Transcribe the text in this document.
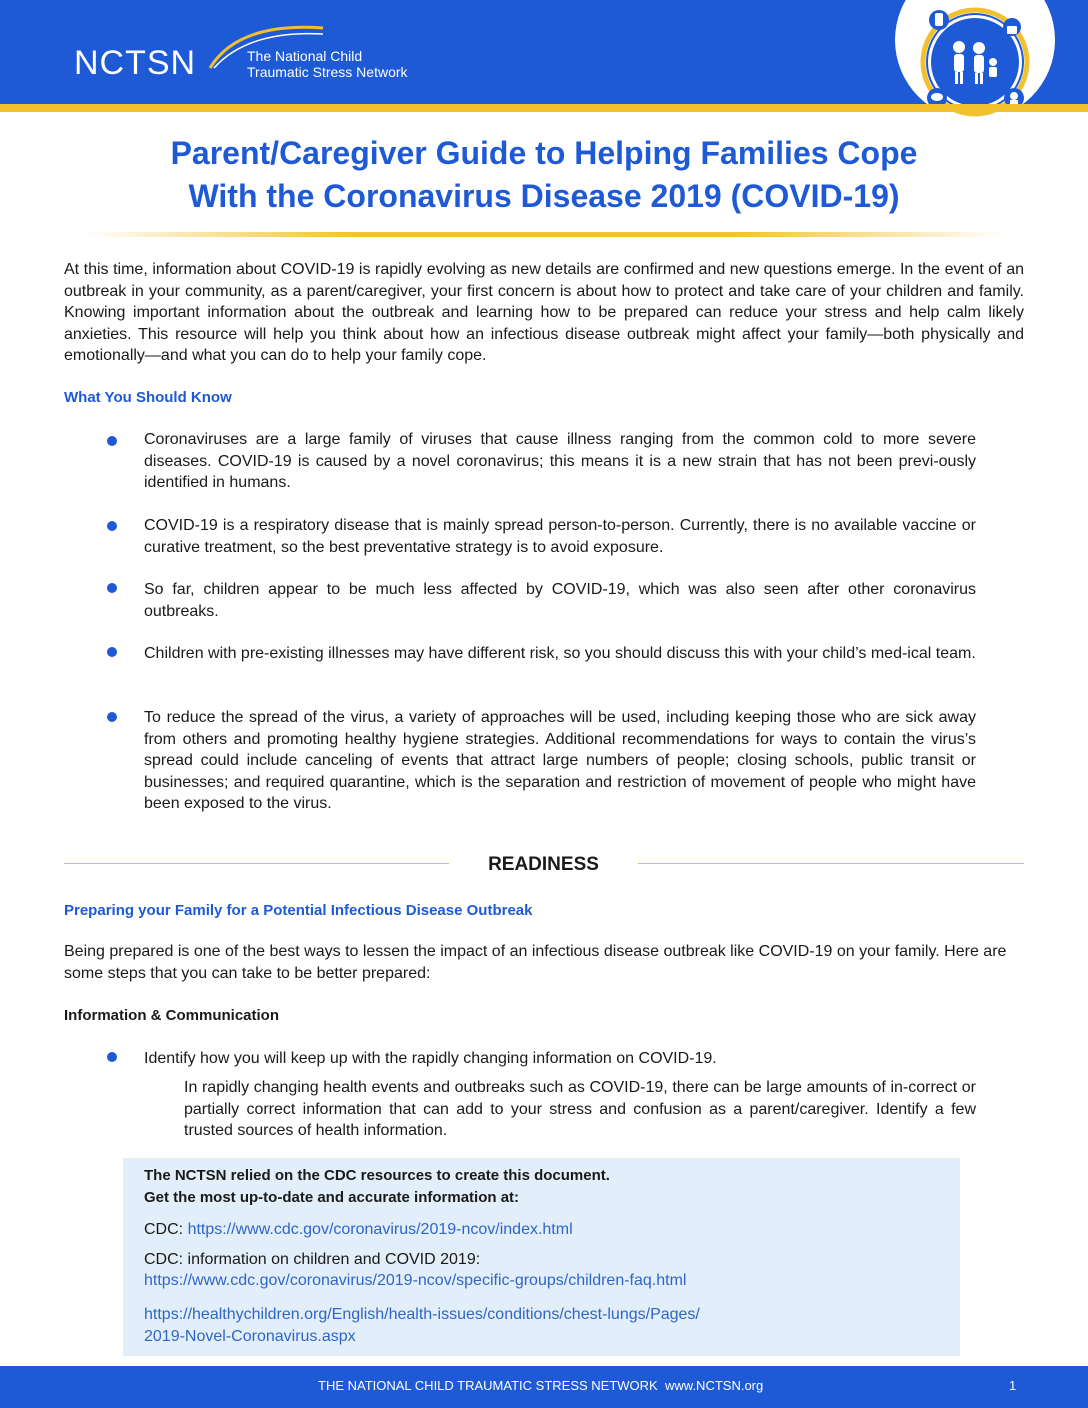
NCTSN	The National Child
Traumatic Stress Network
Parent/Caregiver Guide to Helping Families Cope
With the Coronavirus Disease 2019 (COVID-19)
At this time, information about COVID-19 is rapidly evolving as new details are confirmed and new questions emerge. In the event of an outbreak in your community, as a parent/caregiver, your first concern is about how to protect and take care of your children and family. Knowing important information about the outbreak and learning how to be prepared can reduce your stress and help calm likely anxieties. This resource will help you think about how an infectious disease outbreak might affect your family—both physically and emotionally—and what you can do to help your family cope.
What You Should Know
Coronaviruses are a large family of viruses that cause illness ranging from the common cold to more severe diseases. COVID-19 is caused by a novel coronavirus; this means it is a new strain that has not been previ-ously identified in humans.
COVID-19 is a respiratory disease that is mainly spread person-to-person. Currently, there is no available vaccine or curative treatment, so the best preventative strategy is to avoid exposure.
So far, children appear to be much less affected by COVID-19, which was also seen after other coronavirus outbreaks.
Children with pre-existing illnesses may have different risk, so you should discuss this with your child’s med-ical team.
To reduce the spread of the virus, a variety of approaches will be used, including keeping those who are sick away from others and promoting healthy hygiene strategies. Additional recommendations for ways to contain the virus’s spread could include canceling of events that attract large numbers of people; closing schools, public transit or businesses; and required quarantine, which is the separation and restriction of movement of people who might have been exposed to the virus.
READINESS
Preparing your Family for a Potential Infectious Disease Outbreak
Being prepared is one of the best ways to lessen the impact of an infectious disease outbreak like COVID-19 on your family. Here are some steps that you can take to be better prepared:
Information & Communication
Identify how you will keep up with the rapidly changing information on COVID-19.
In rapidly changing health events and outbreaks such as COVID-19, there can be large amounts of in-correct or partially correct information that can add to your stress and confusion as a parent/caregiver. Identify a few trusted sources of health information.
The NCTSN relied on the CDC resources to create this document.
Get the most up-to-date and accurate information at:
CDC: https://www.cdc.gov/coronavirus/2019-ncov/index.html
CDC: information on children and COVID 2019:
https://www.cdc.gov/coronavirus/2019-ncov/specific-groups/children-faq.html
https://healthychildren.org/English/health-issues/conditions/chest-lungs/Pages/
2019-Novel-Coronavirus.aspx
THE NATIONAL CHILD TRAUMATIC STRESS NETWORK www.NCTSN.org	1
